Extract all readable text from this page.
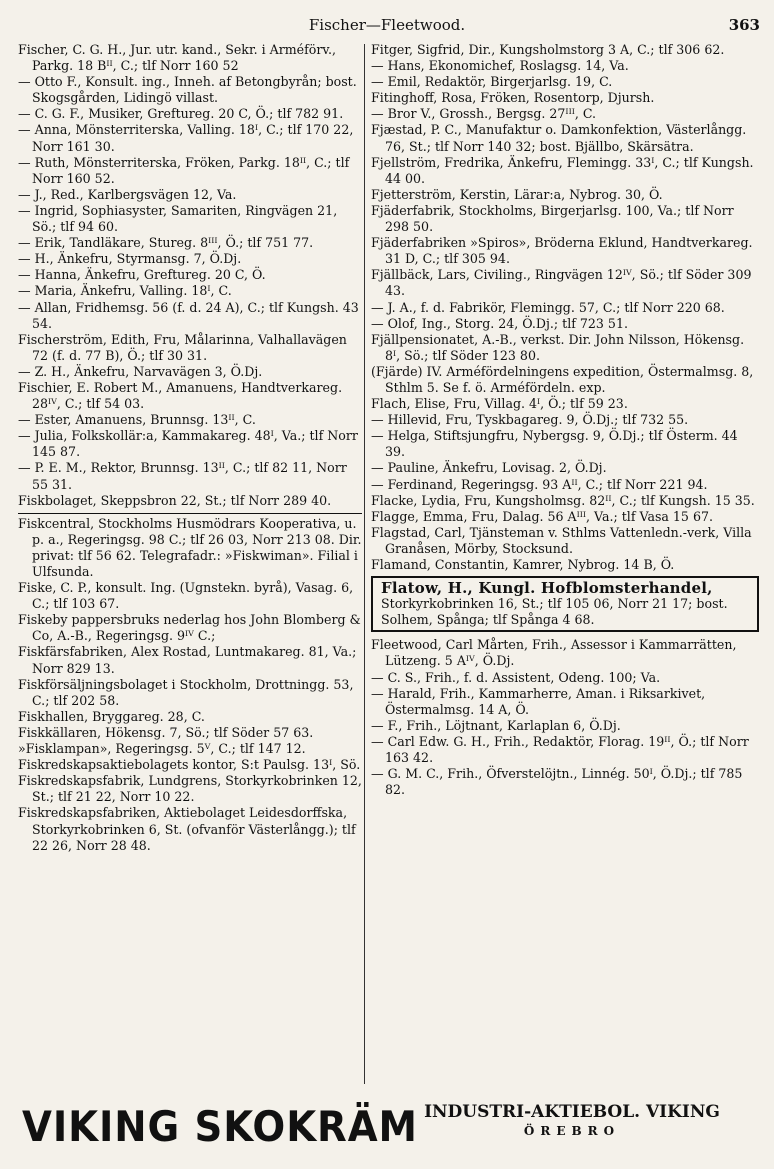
Fischer—Fleetwood.	363

Fischer, C. G. H., Jur. utr. kand., Sekr. i Arméförv., Parkg. 18 Bᴵᴵ, C.; tlf Norr 160 52

— Otto F., Konsult. ing., Inneh. af Betongbyrån; bost. Skogsgården, Lidingö villast.

— C. G. F., Musiker, Greftureg. 20 C, Ö.; tlf 782 91.

— Anna, Mönsterriterska, Valling. 18ᴵ, C.; tlf 170 22, Norr 161 30.

— Ruth, Mönsterriterska, Fröken, Parkg. 18ᴵᴵ, C.; tlf Norr 160 52.

— J., Red., Karlbergsvägen 12, Va.

— Ingrid, Sophiasyster, Samariten, Ringvägen 21, Sö.; tlf 94 60.

— Erik, Tandläkare, Stureg. 8ᴵᴵᴵ, Ö.; tlf 751 77.

— H., Änkefru, Styrmansg. 7, Ö.Dj.

— Hanna, Änkefru, Greftureg. 20 C, Ö.

— Maria, Änkefru, Valling. 18ᴵ, C.

— Allan, Fridhemsg. 56 (f. d. 24 A), C.; tlf Kungsh. 43 54.

Fischerström, Edith, Fru, Målarinna, Valhallavägen 72 (f. d. 77 B), Ö.; tlf 30 31.

— Z. H., Änkefru, Narvavägen 3, Ö.Dj.

Fischier, E. Robert M., Amanuens, Handtverkareg. 28ᴵⱽ, C.; tlf 54 03.

— Ester, Amanuens, Brunnsg. 13ᴵᴵ, C.

— Julia, Folkskollär:a, Kammakareg. 48ᴵ, Va.; tlf Norr 145 87.

— P. E. M., Rektor, Brunnsg. 13ᴵᴵ, C.; tlf 82 11, Norr 55 31.

Fiskbolaget, Skeppsbron 22, St.; tlf Norr 289 40.

Fiskcentral, Stockholms Husmödrars Kooperativa, u. p. a., Regeringsg. 98 C.; tlf 26 03, Norr 213 08. Dir. privat: tlf 56 62. Telegrafadr.: »Fiskwiman». Filial i Ulfsunda.

Fiske, C. P., konsult. Ing. (Ugnstekn. byrå), Vasag. 6, C.; tlf 103 67.

Fiskeby pappersbruks nederlag hos John Blomberg & Co, A.-B., Regeringsg. 9ᴵⱽ C.;

Fiskfärsfabriken, Alex Rostad, Luntmakareg. 81, Va.; Norr 829 13.

Fiskförsäljningsbolaget i Stockholm, Drottningg. 53, C.; tlf 202 58.

Fiskhallen, Bryggareg. 28, C.

Fiskkällaren, Hökensg. 7, Sö.; tlf Söder 57 63.

»Fisklampan», Regeringsg. 5ⱽ, C.; tlf 147 12.

Fiskredskapsaktiebolagets kontor, S:t Paulsg. 13ᴵ, Sö.

Fiskredskapsfabrik, Lundgrens, Storkyrkobrinken 12, St.; tlf 21 22, Norr 10 22.

Fiskredskapsfabriken, Aktiebolaget Leidesdorffska, Storkyrkobrinken 6, St. (ofvanför Västerlångg.); tlf 22 26, Norr 28 48.

Fitger, Sigfrid, Dir., Kungsholmstorg 3 A, C.; tlf 306 62.

— Hans, Ekonomichef, Roslagsg. 14, Va.

— Emil, Redaktör, Birgerjarlsg. 19, C.

Fitinghoff, Rosa, Fröken, Rosentorp, Djursh.

— Bror V., Grossh., Bergsg. 27ᴵᴵᴵ, C.

Fjæstad, P. C., Manufaktur o. Damkonfektion, Västerlångg. 76, St.; tlf Norr 140 32; bost. Bjällbo, Skärsätra.

Fjellström, Fredrika, Änkefru, Flemingg. 33ᴵ, C.; tlf Kungsh. 44 00.

Fjetterström, Kerstin, Lärar:a, Nybrog. 30, Ö.

Fjäderfabrik, Stockholms, Birgerjarlsg. 100, Va.; tlf Norr 298 50.

Fjäderfabriken »Spiros», Bröderna Eklund, Handtverkareg. 31 D, C.; tlf 305 94.

Fjällbäck, Lars, Civiling., Ringvägen 12ᴵⱽ, Sö.; tlf Söder 309 43.

— J. A., f. d. Fabrikör, Flemingg. 57, C.; tlf Norr 220 68.

— Olof, Ing., Storg. 24, Ö.Dj.; tlf 723 51.

Fjällpensionatet, A.-B., verkst. Dir. John Nilsson, Hökensg. 8ᴵ, Sö.; tlf Söder 123 80.

(Fjärde) IV. Arméfördelningens expedition, Östermalmsg. 8, Sthlm 5. Se f. ö. Arméfördeln. exp.

Flach, Elise, Fru, Villag. 4ᴵ, Ö.; tlf 59 23.

— Hillevid, Fru, Tyskbagareg. 9, Ö.Dj.; tlf 732 55.

— Helga, Stiftsjungfru, Nybergsg. 9, Ö.Dj.; tlf Österm. 44 39.

— Pauline, Änkefru, Lovisag. 2, Ö.Dj.

— Ferdinand, Regeringsg. 93 Aᴵᴵ, C.; tlf Norr 221 94.

Flacke, Lydia, Fru, Kungsholmsg. 82ᴵᴵ, C.; tlf Kungsh. 15 35.

Flagge, Emma, Fru, Dalag. 56 Aᴵᴵᴵ, Va.; tlf Vasa 15 67.

Flagstad, Carl, Tjänsteman v. Sthlms Vattenledn.-verk, Villa Granåsen, Mörby, Stocksund.

Flamand, Constantin, Kamrer, Nybrog. 14 B, Ö.

Flatow, H., Kungl. Hofblomsterhandel,
Storkyrkobrinken 16, St.; tlf 105 06, Norr 21 17; bost. Solhem, Spånga; tlf Spånga 4 68.

Fleetwood, Carl Mårten, Frih., Assessor i Kammarrätten, Lützeng. 5 Aᴵⱽ, Ö.Dj.

— C. S., Frih., f. d. Assistent, Odeng. 100; Va.

— Harald, Frih., Kammarherre, Aman. i Riksarkivet, Östermalmsg. 14 A, Ö.

— F., Frih., Löjtnant, Karlaplan 6, Ö.Dj.

— Carl Edw. G. H., Frih., Redaktör, Florag. 19ᴵᴵ, Ö.; tlf Norr 163 42.

— G. M. C., Frih., Öfverstelöjtn., Linnég. 50ᴵ, Ö.Dj.; tlf 785 82.

VIKING SKOKRÄM INDUSTRI-AKTIEBOL. VIKING
ÖREBRO
